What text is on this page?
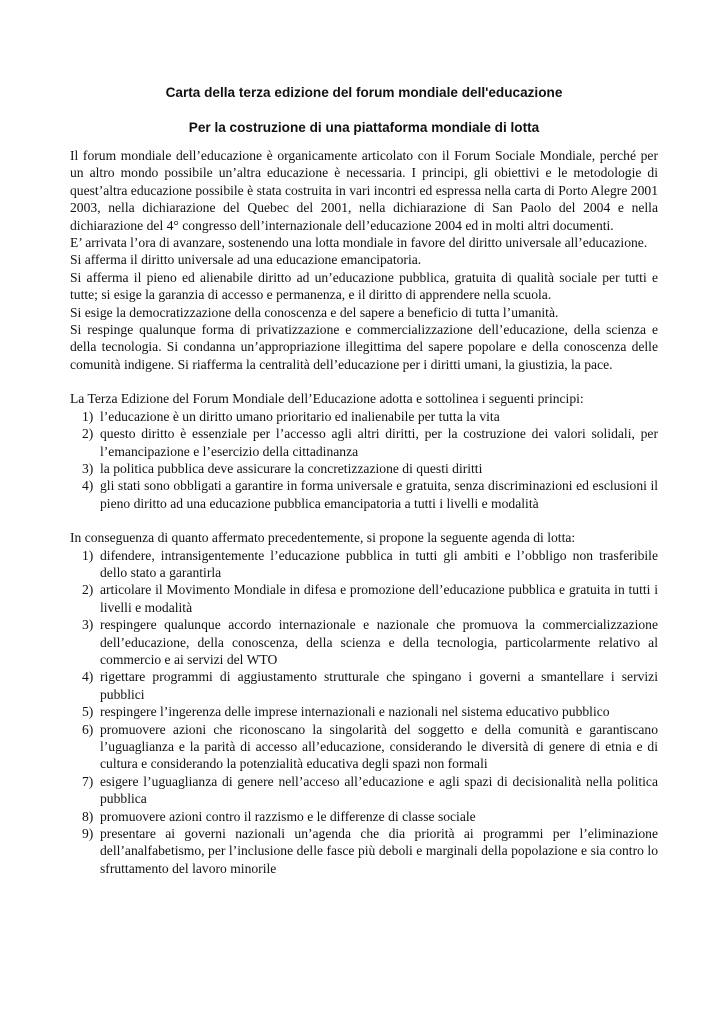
Carta della terza edizione del forum mondiale dell'educazione
Per la costruzione di una piattaforma mondiale di lotta

Il forum mondiale dell’educazione è organicamente articolato con il Forum Sociale Mondiale, perché per un altro mondo possibile un’altra educazione è necessaria. I principi, gli obiettivi e le metodologie di quest’altra educazione possibile è stata costruita in vari incontri ed espressa nella carta di Porto Alegre 2001 2003, nella dichiarazione del Quebec del 2001, nella dichiarazione di San Paolo del 2004 e nella dichiarazione del 4° congresso dell’internazionale dell’educazione 2004 ed in molti altri documenti.

E’ arrivata l’ora di avanzare, sostenendo una lotta mondiale in favore del diritto universale all’educazione.

Si afferma il diritto universale ad una educazione emancipatoria.

Si afferma il pieno ed alienabile diritto ad un’educazione pubblica, gratuita di qualità sociale per tutti e tutte; si esige la garanzia di accesso e permanenza, e il diritto di apprendere nella scuola.

Si esige la democratizzazione della conoscenza e del sapere a beneficio di tutta l’umanità.

Si respinge qualunque forma di privatizzazione e commercializzazione dell’educazione, della scienza e della tecnologia. Si condanna un’appropriazione illegittima del sapere popolare e della conoscenza delle comunità indigene. Si riafferma la centralità dell’educazione per i diritti umani, la giustizia, la pace.

La Terza Edizione del Forum Mondiale dell’Educazione adotta e sottolinea i seguenti principi:

1) l’educazione è un diritto umano prioritario ed inalienabile per tutta la vita
2) questo diritto è essenziale per l’accesso agli altri diritti, per la costruzione dei valori solidali, per l’emancipazione e l’esercizio della cittadinanza
3) la politica pubblica deve assicurare la concretizzazione di questi diritti
4) gli stati sono obbligati a garantire in forma universale e gratuita, senza discriminazioni ed esclusioni il pieno diritto ad una educazione pubblica emancipatoria a tutti i livelli e modalità

In conseguenza di quanto affermato precedentemente, si propone la seguente agenda di lotta:

1) difendere, intransigentemente l’educazione pubblica in tutti gli ambiti e l’obbligo non trasferibile dello stato a garantirla
2) articolare il Movimento Mondiale in difesa e promozione dell’educazione pubblica e gratuita in tutti i livelli e modalità
3) respingere qualunque accordo internazionale e nazionale che promuova la commercializzazione dell’educazione, della conoscenza, della scienza e della tecnologia, particolarmente relativo al commercio e ai servizi del WTO
4) rigettare programmi di aggiustamento strutturale che spingano i governi a smantellare i servizi pubblici
5) respingere l’ingerenza delle imprese internazionali e nazionali nel sistema educativo pubblico
6) promuovere azioni che riconoscano la singolarità del soggetto e della comunità e garantiscano l’uguaglianza e la parità di accesso all’educazione, considerando le diversità di genere di etnia e di cultura e considerando la potenzialità educativa degli spazi non formali
7) esigere l’uguaglianza di genere nell’acceso all’educazione e agli spazi di decisionalità nella politica pubblica
8) promuovere azioni contro il razzismo e le differenze di classe sociale
9) presentare ai governi nazionali un’agenda che dia priorità ai programmi per l’eliminazione dell’analfabetismo, per l’inclusione delle fasce più deboli e marginali della popolazione e sia contro lo sfruttamento del lavoro minorile
